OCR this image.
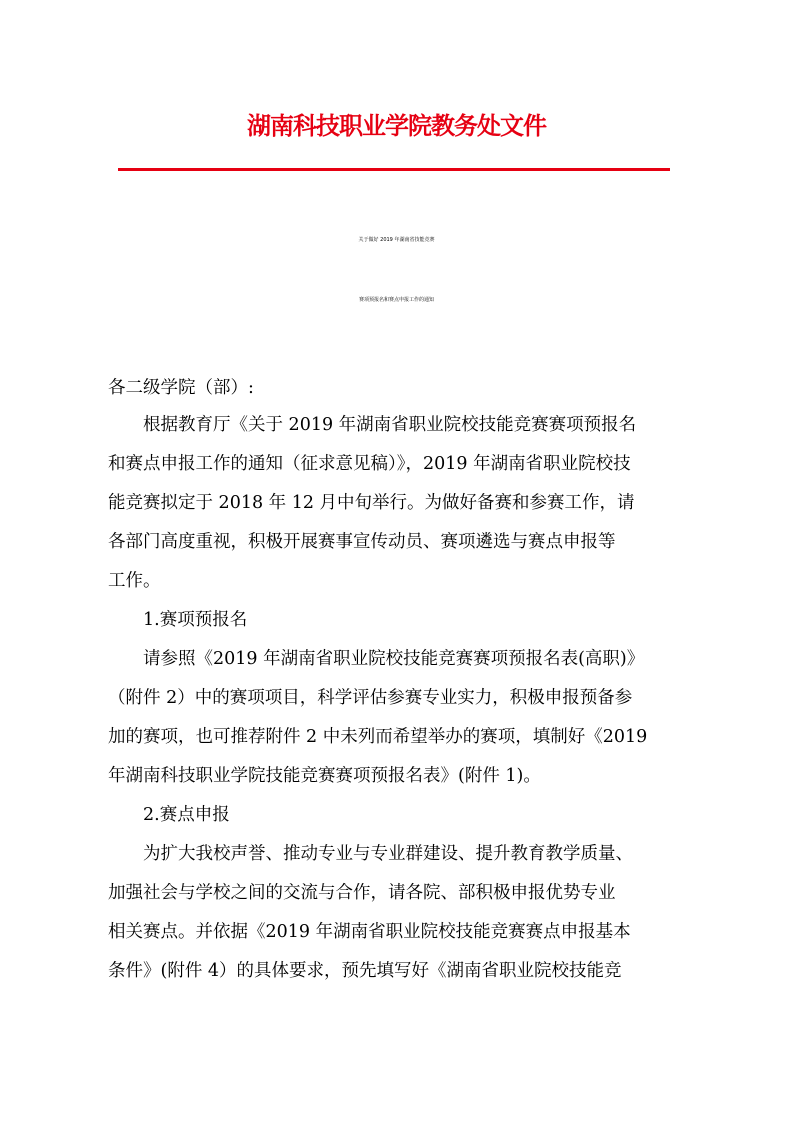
湖南科技职业学院教务处文件
关于做好 2019 年湖南省技能竞赛
赛项预报名和赛点申报工作的通知
各二级学院（部）:
　　根据教育厅《关于 2019 年湖南省职业院校技能竞赛赛项预报名
和赛点申报工作的通知（征求意见稿）》，2019 年湖南省职业院校技
能竞赛拟定于 2018 年 12 月中旬举行。为做好备赛和参赛工作，请
各部门高度重视，积极开展赛事宣传动员、赛项遴选与赛点申报等
工作。
　　1.赛项预报名
　　请参照《2019 年湖南省职业院校技能竞赛赛项预报名表(高职)》
（附件 2）中的赛项项目，科学评估参赛专业实力，积极申报预备参
加的赛项，也可推荐附件 2 中未列而希望举办的赛项，填制好《2019
年湖南科技职业学院技能竞赛赛项预报名表》(附件 1)。
　　2.赛点申报
　　为扩大我校声誉、推动专业与专业群建设、提升教育教学质量、
加强社会与学校之间的交流与合作，请各院、部积极申报优势专业
相关赛点。并依据《2019 年湖南省职业院校技能竞赛赛点申报基本
条件》(附件 4）的具体要求，预先填写好《湖南省职业院校技能竞
